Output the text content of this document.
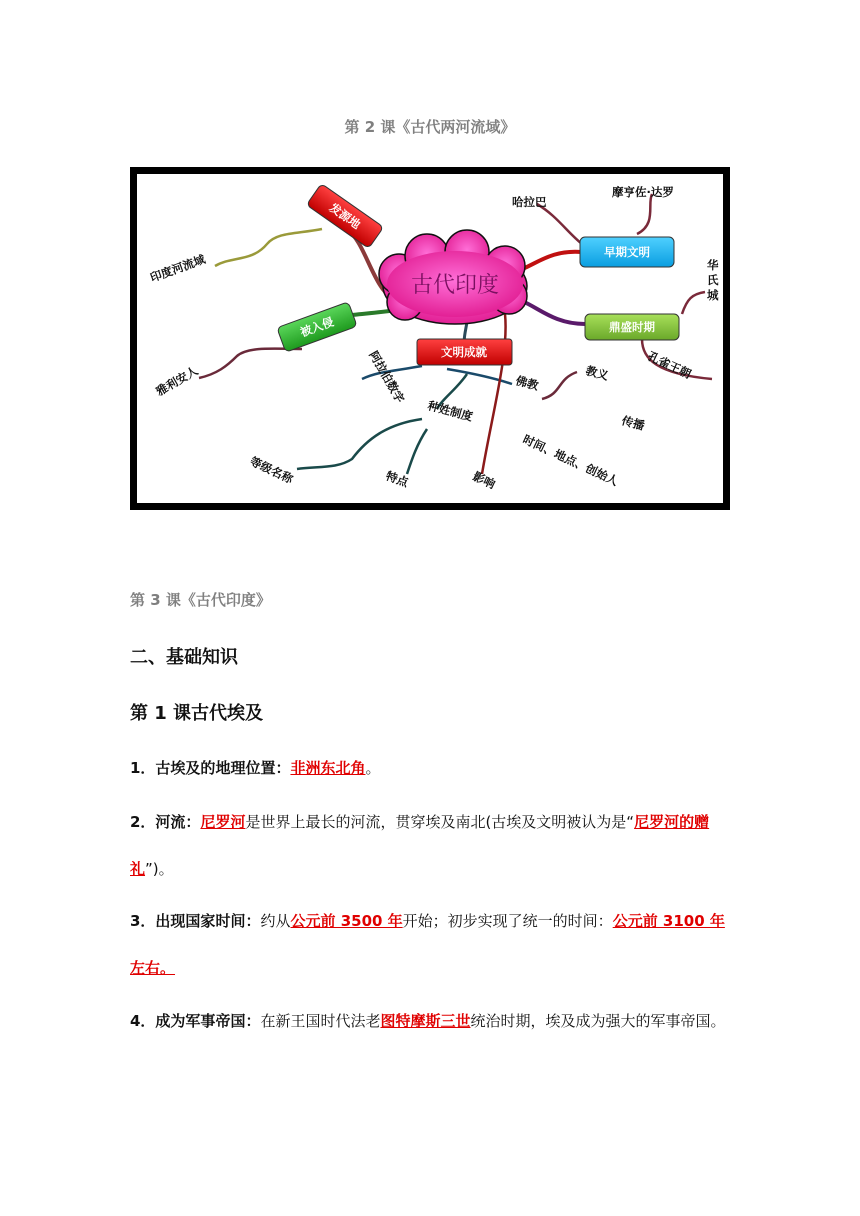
第 2 课《古代两河流域》
古代印度
发源地
被入侵
早期文明
鼎盛时期
文明成就
印度河流域
雅利安人
哈拉巴
摩亨佐·达罗
华 氏 城
孔雀王朝
阿拉伯数字	佛教
教义
传播
时间、地点、创始人
种姓制度
等级名称	特点	影响
第 3 课《古代印度》
二、基础知识
第 1 课古代埃及
1．古埃及的地理位置：非洲东北角。
2．河流：尼罗河是世界上最长的河流，贯穿埃及南北(古埃及文明被认为是“尼罗河的赠礼”)。
3．出现国家时间：约从公元前 3500 年开始；初步实现了统一的时间：公元前 3100 年左右。
4．成为军事帝国：在新王国时代法老图特摩斯三世统治时期，埃及成为强大的军事帝国。
